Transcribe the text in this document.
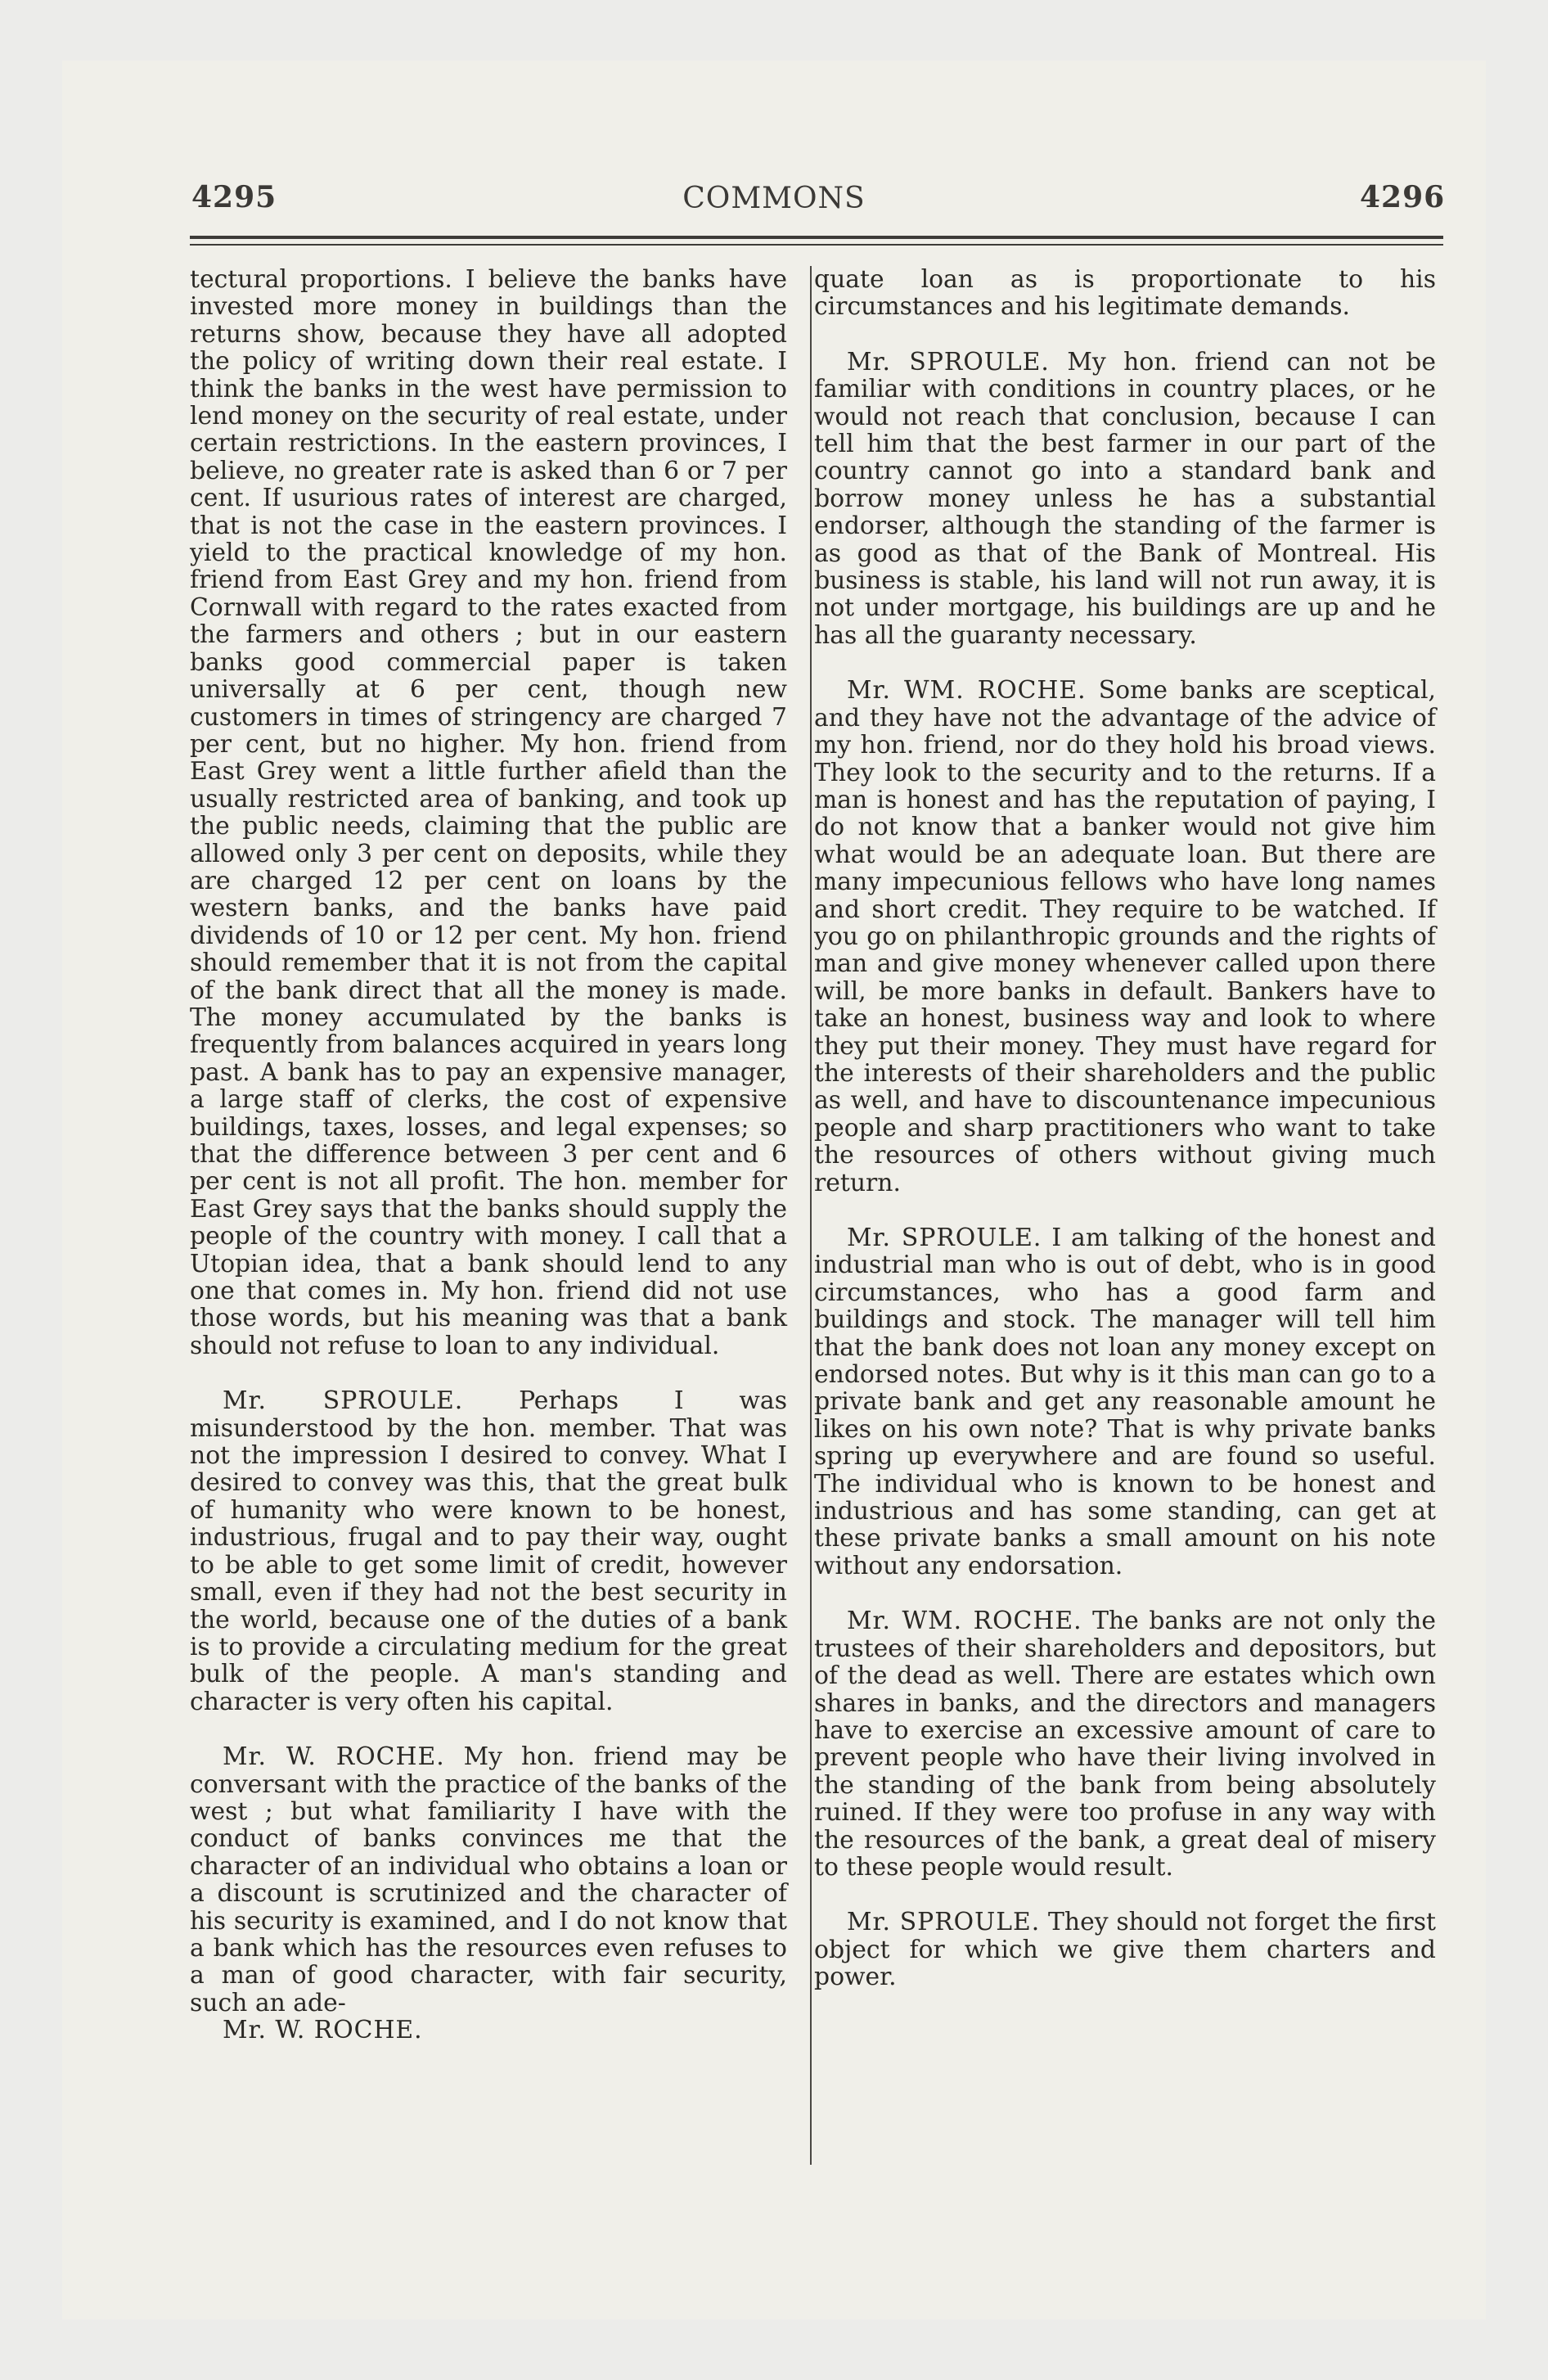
4295	COMMONS	4296

tectural proportions. I believe the banks have invested more money in buildings than the returns show, because they have all adopted the policy of writing down their real estate. I think the banks in the west have permission to lend money on the security of real estate, under certain restrictions. In the eastern provinces, I believe, no greater rate is asked than 6 or 7 per cent. If usurious rates of interest are charged, that is not the case in the eastern provinces. I yield to the practical knowledge of my hon. friend from East Grey and my hon. friend from Cornwall with regard to the rates exacted from the farmers and others ; but in our eastern banks good commercial paper is taken universally at 6 per cent, though new customers in times of stringency are charged 7 per cent, but no higher. My hon. friend from East Grey went a little further afield than the usually restricted area of banking, and took up the public needs, claiming that the public are allowed only 3 per cent on deposits, while they are charged 12 per cent on loans by the western banks, and the banks have paid dividends of 10 or 12 per cent. My hon. friend should remember that it is not from the capital of the bank direct that all the money is made. The money accumulated by the banks is frequently from balances acquired in years long past. A bank has to pay an expensive manager, a large staff of clerks, the cost of expensive buildings, taxes, losses, and legal expenses; so that the difference between 3 per cent and 6 per cent is not all profit. The hon. member for East Grey says that the banks should supply the people of the country with money. I call that a Utopian idea, that a bank should lend to any one that comes in. My hon. friend did not use those words, but his meaning was that a bank should not refuse to loan to any individual.

Mr. SPROULE. Perhaps I was misunderstood by the hon. member. That was not the impression I desired to convey. What I desired to convey was this, that the great bulk of humanity who were known to be honest, industrious, frugal and to pay their way, ought to be able to get some limit of credit, however small, even if they had not the best security in the world, because one of the duties of a bank is to provide a circulating medium for the great bulk of the people. A man's standing and character is very often his capital.

Mr. W. ROCHE. My hon. friend may be conversant with the practice of the banks of the west ; but what familiarity I have with the conduct of banks convinces me that the character of an individual who obtains a loan or a discount is scrutinized and the character of his security is examined, and I do not know that a bank which has the resources even refuses to a man of good character, with fair security, such an ade-

Mr. W. ROCHE.

quate loan as is proportionate to his circumstances and his legitimate demands.

Mr. SPROULE. My hon. friend can not be familiar with conditions in country places, or he would not reach that conclusion, because I can tell him that the best farmer in our part of the country cannot go into a standard bank and borrow money unless he has a substantial endorser, although the standing of the farmer is as good as that of the Bank of Montreal. His business is stable, his land will not run away, it is not under mortgage, his buildings are up and he has all the guaranty necessary.

Mr. WM. ROCHE. Some banks are sceptical, and they have not the advantage of the advice of my hon. friend, nor do they hold his broad views. They look to the security and to the returns. If a man is honest and has the reputation of paying, I do not know that a banker would not give him what would be an adequate loan. But there are many impecunious fellows who have long names and short credit. They require to be watched. If you go on philanthropic grounds and the rights of man and give money whenever called upon there will, be more banks in default. Bankers have to take an honest, business way and look to where they put their money. They must have regard for the interests of their shareholders and the public as well, and have to discountenance impecunious people and sharp practitioners who want to take the resources of others without giving much return.

Mr. SPROULE. I am talking of the honest and industrial man who is out of debt, who is in good circumstances, who has a good farm and buildings and stock. The manager will tell him that the bank does not loan any money except on endorsed notes. But why is it this man can go to a private bank and get any reasonable amount he likes on his own note? That is why private banks spring up everywhere and are found so useful. The individual who is known to be honest and industrious and has some standing, can get at these private banks a small amount on his note without any endorsation.

Mr. WM. ROCHE. The banks are not only the trustees of their shareholders and depositors, but of the dead as well. There are estates which own shares in banks, and the directors and managers have to exercise an excessive amount of care to prevent people who have their living involved in the standing of the bank from being absolutely ruined. If they were too profuse in any way with the resources of the bank, a great deal of misery to these people would result.

Mr. SPROULE. They should not forget the first object for which we give them charters and power.
